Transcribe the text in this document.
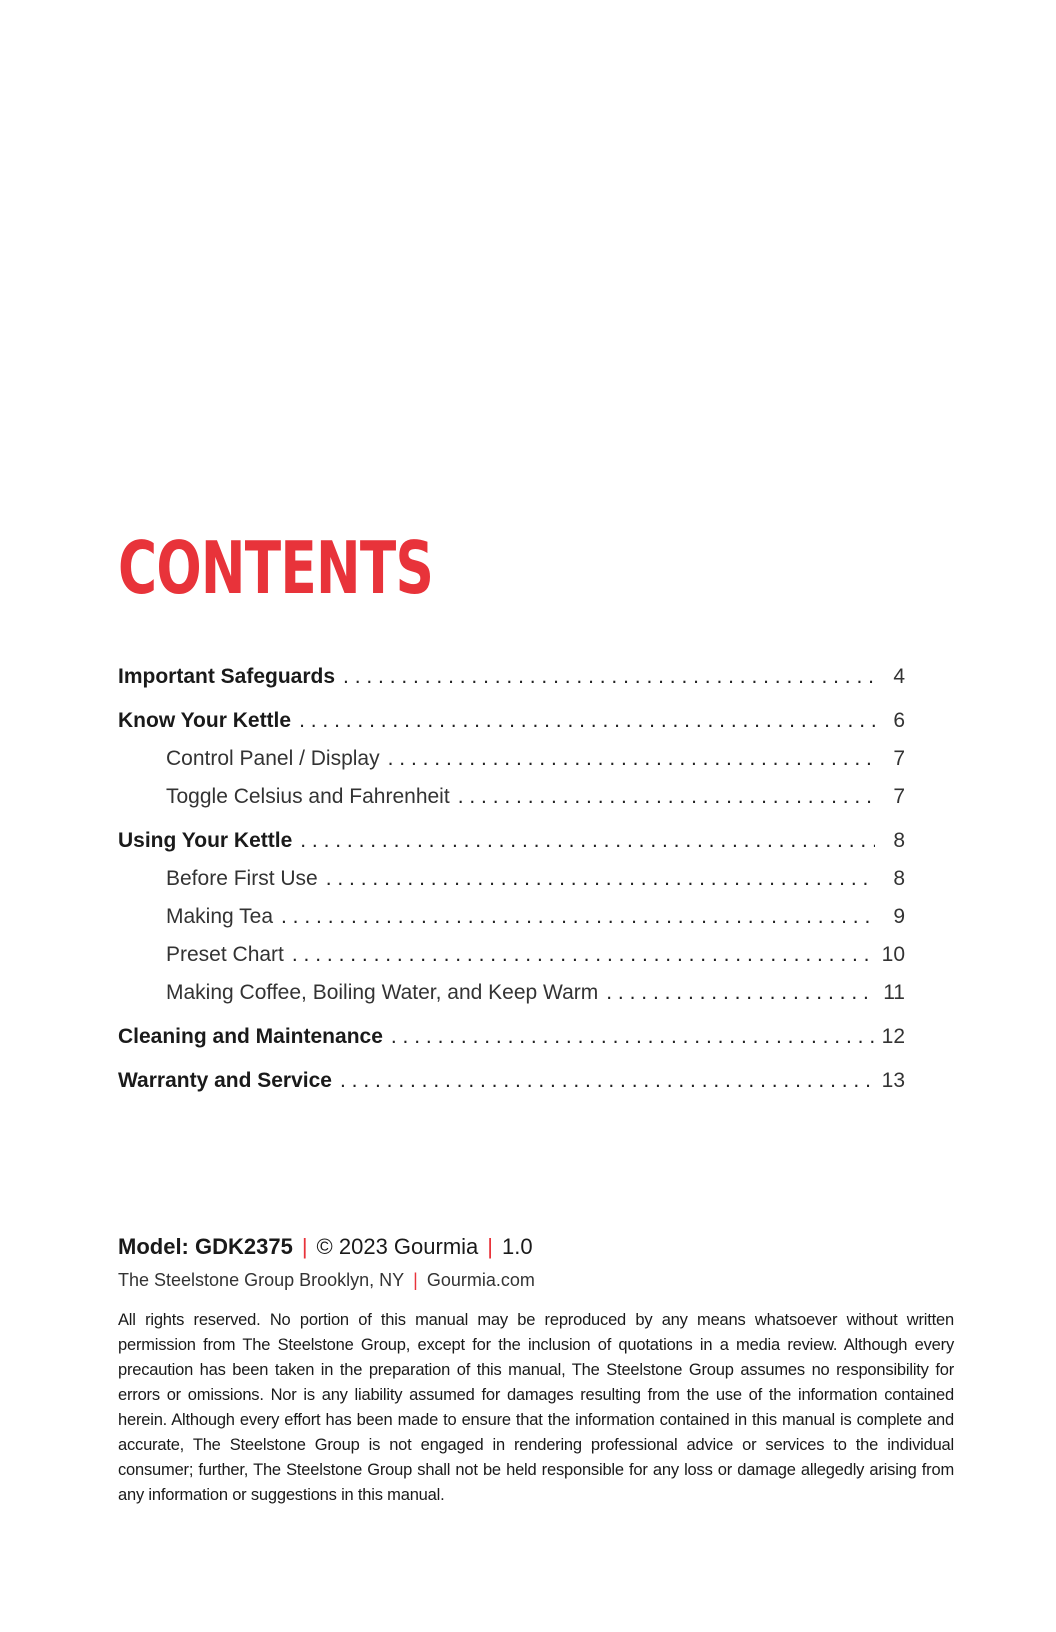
CONTENTS
Important Safeguards . . .	4
Know Your Kettle . . .	6
Control Panel / Display . . .	7
Toggle Celsius and Fahrenheit . . .	7
Using Your Kettle . . .	8
Before First Use . . .	8
Making Tea . . .	9
Preset Chart . . .	10
Making Coffee, Boiling Water, and Keep Warm . . .	11
Cleaning and Maintenance . . .	12
Warranty and Service . . .	13
Model: GDK2375 | © 2023 Gourmia | 1.0
The Steelstone Group Brooklyn, NY | Gourmia.com

All rights reserved. No portion of this manual may be reproduced by any means whatsoever without written permission from The Steelstone Group, except for the inclusion of quotations in a media review. Although every precaution has been taken in the preparation of this manual, The Steelstone Group assumes no responsibility for errors or omissions. Nor is any liability assumed for damages resulting from the use of the information contained herein. Although every effort has been made to ensure that the information contained in this manual is complete and accurate, The Steelstone Group is not engaged in rendering professional advice or services to the individual consumer; further, The Steelstone Group shall not be held responsible for any loss or damage allegedly arising from any information or suggestions in this manual.
